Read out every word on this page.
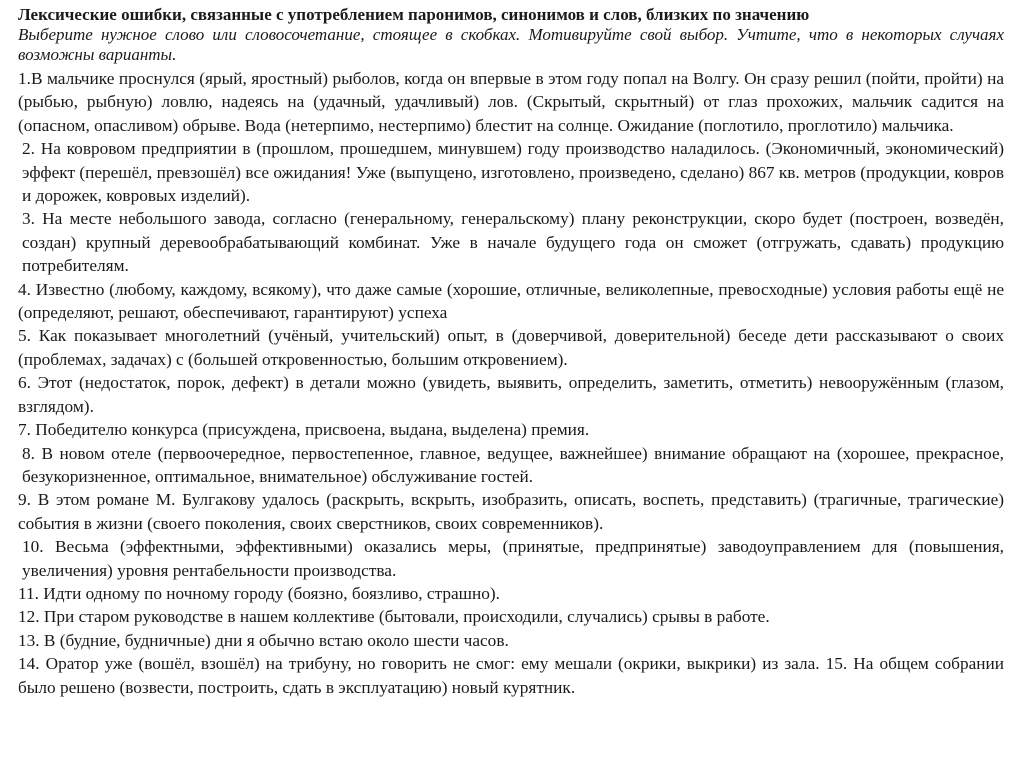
Лексические ошибки, связанные с употреблением паронимов, синонимов и слов, близких по значению

Выберите нужное слово или словосочетание, стоящее в скобках. Мотивируйте свой выбор. Учтите, что в некоторых случаях возможны варианты.

1.В мальчике проснулся (ярый, яростный) рыболов, когда он впервые в этом году попал на Волгу. Он сразу решил (пойти, пройти) на (рыбью, рыбную) ловлю, надеясь на (удачный, удачливый) лов. (Скрытый, скрытный) от глаз прохожих, мальчик садится на (опасном, опасливом) обрыве. Вода (нетерпимо, нестерпимо) блестит на солнце. Ожидание (поглотило, проглотило) мальчика.

2. На ковровом предприятии в (прошлом, прошедшем, минувшем) году производство наладилось. (Экономичный, экономический) эффект (перешёл, превзошёл) все ожидания! Уже (выпущено, изготовлено, произведено, сделано) 867 кв. метров (продукции, ковров и дорожек, ковровых изделий).

3. На месте небольшого завода, согласно (генеральному, генеральскому) плану реконструкции, скоро будет (построен, возведён, создан) крупный деревообрабатывающий комбинат. Уже в начале будущего года он сможет (отгружать, сдавать) продукцию потребителям.

4. Известно (любому, каждому, всякому), что даже самые (хорошие, отличные, великолепные, превосходные) условия работы ещё не (определяют, решают, обеспечивают, гарантируют) успеха

5. Как показывает многолетний (учёный, учительский) опыт, в (доверчивой, доверительной) беседе дети рассказывают о своих (проблемах, задачах) с (большей откровенностью, большим откровением).

6. Этот (недостаток, порок, дефект) в детали можно (увидеть, выявить, определить, заметить, отметить) невооружённым (глазом, взглядом).

7. Победителю конкурса (присуждена, присвоена, выдана, выделена) премия.

8. В новом отеле (первоочередное, первостепенное, главное, ведущее, важнейшее) внимание обращают на (хорошее, прекрасное, безукоризненное, оптимальное, внимательное) обслуживание гостей.

9. В этом романе М. Булгакову удалось (раскрыть, вскрыть, изобразить, описать, воспеть, представить) (трагичные, трагические) события в жизни (своего поколения, своих сверстников, своих современников).

10. Весьма (эффектными, эффективными) оказались меры, (принятые, предпринятые) заводоуправлением для (повышения, увеличения) уровня рентабельности производства.

11. Идти одному по ночному городу (боязно, боязливо, страшно).

12. При старом руководстве в нашем коллективе (бытовали, происходили, случались) срывы в работе.

13. В (будние, будничные) дни я обычно встаю около шести часов.

14. Оратор уже (вошёл, взошёл) на трибуну, но говорить не смог: ему мешали (окрики, выкрики) из зала. 15. На общем собрании было решено (возвести, построить, сдать в эксплуатацию) новый курятник.
